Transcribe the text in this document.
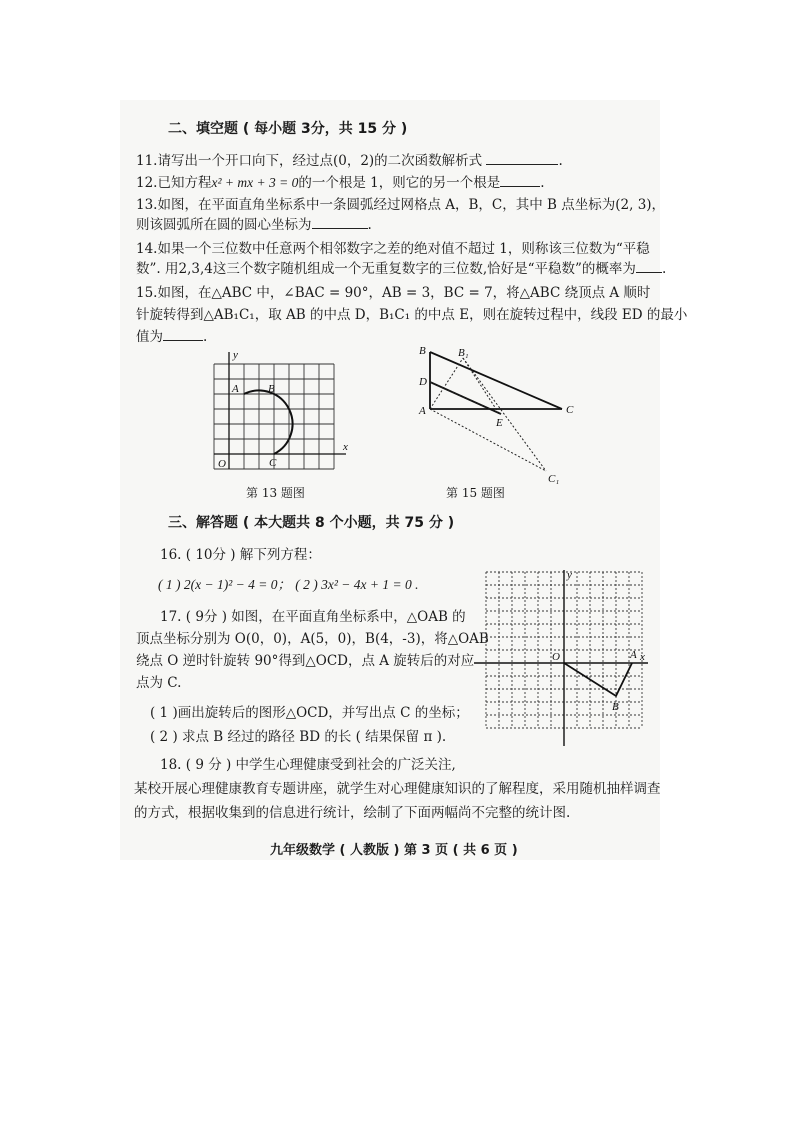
二、填空题 ( 每小题 3分，共 15 分 )
11.请写出一个开口向下，经过点(0，2)的二次函数解析式	.
12.已知方程x² + mx + 3 = 0的一个根是 1，则它的另一个根是	.
13.如图，在平面直角坐标系中一条圆弧经过网格点 A，B，C，其中 B 点坐标为(2, 3)，
则该圆弧所在圆的圆心坐标为	.
14.如果一个三位数中任意两个相邻数字之差的绝对值不超过 1，则称该三位数为“平稳
数”. 用2,3,4这三个数字随机组成一个无重复数字的三位数,恰好是“平稳数”的概率为 .
15.如图，在△ABC 中，∠BAC = 90°，AB = 3，BC = 7，将△ABC 绕顶点 A 顺时
针旋转得到△AB₁C₁，取 AB 的中点 D，B₁C₁ 的中点 E，则在旋转过程中，线段 ED 的最小
值为	.
y
x
O
A	B
C
第 13 题图
B	B₁
D
A
E
C
C₁
第 15 题图
三、解答题 ( 本大题共 8 个小题，共 75 分 )
16. ( 10分 ) 解下列方程：
( 1 ) 2(x − 1)² − 4 = 0； ( 2 ) 3x² − 4x + 1 = 0 .
17. ( 9分 ) 如图，在平面直角坐标系中，△OAB 的
顶点坐标分别为 O(0，0)，A(5，0)，B(4，-3)，将△OAB
绕点 O 逆时针旋转 90°得到△OCD，点 A 旋转后的对应
点为 C.
( 1 )画出旋转后的图形△OCD，并写出点 C 的坐标；
( 2 ) 求点 B 经过的路径 BD 的长 ( 结果保留 π ).
y
x
O	A
B
18. ( 9 分 ) 中学生心理健康受到社会的广泛关注,
某校开展心理健康教育专题讲座，就学生对心理健康知识的了解程度，采用随机抽样调查
的方式，根据收集到的信息进行统计，绘制了下面两幅尚不完整的统计图.
九年级数学 ( 人教版 ) 第 3 页 ( 共 6 页 )
